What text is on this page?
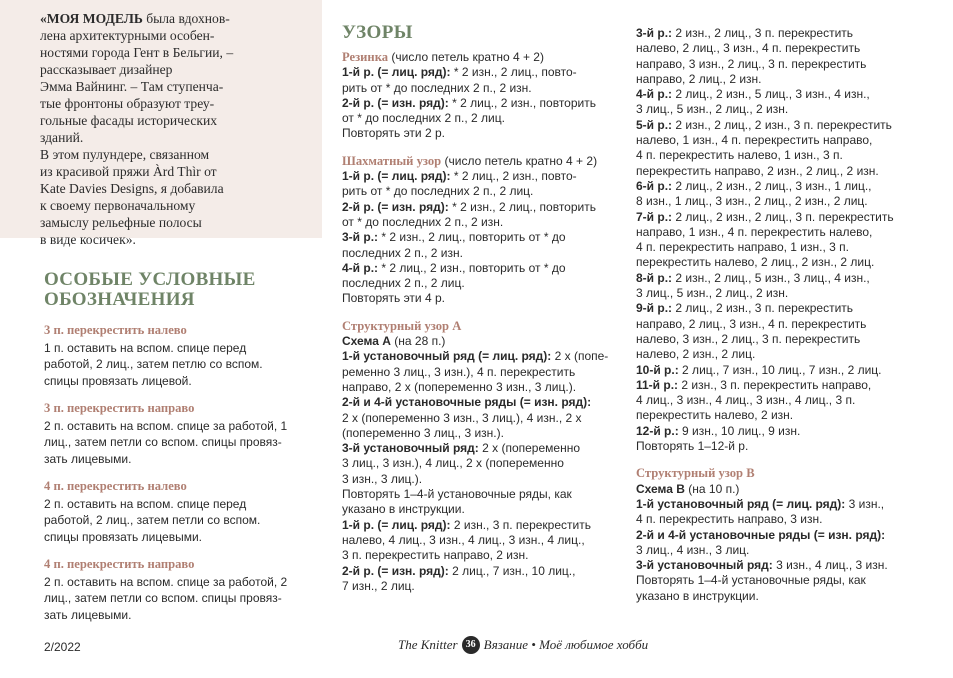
«МОЯ МОДЕЛЬ была вдохнов-
лена архитектурными особен-
ностями города Гент в Бельгии, –
рассказывает дизайнер
Эмма Вайнинг. – Там ступенча-
тые фронтоны образуют треу-
гольные фасады исторических
зданий.
В этом пулундере, связанном
из красивой пряжи Àrd Thìr от
Kate Davies Designs, я добавила
к своему первоначальному
замыслу рельефные полосы
в виде косичек».
ОСОБЫЕ УСЛОВНЫЕ
ОБОЗНАЧЕНИЯ
3 п. перекрестить налево
1 п. оставить на вспом. спице перед
работой, 2 лиц., затем петлю со вспом.
спицы провязать лицевой.
3 п. перекрестить направо
2 п. оставить на вспом. спице за работой, 1
лиц., затем петли со вспом. спицы провяз-
зать лицевыми.
4 п. перекрестить налево
2 п. оставить на вспом. спице перед
работой, 2 лиц., затем петли со вспом.
спицы провязать лицевыми.
4 п. перекрестить направо
2 п. оставить на вспом. спице за работой, 2
лиц., затем петли со вспом. спицы провяз-
зать лицевыми.
УЗОРЫ

Резинка (число петель кратно 4 + 2)

1-й р. (= лиц. ряд): * 2 изн., 2 лиц., повто-

рить от * до последних 2 п., 2 изн.

2-й р. (= изн. ряд): * 2 лиц., 2 изн., повторить

от * до последних 2 п., 2 лиц.

Повторять эти 2 р.

Шахматный узор (число петель кратно 4 + 2)

1-й р. (= лиц. ряд): * 2 лиц., 2 изн., повто-

рить от * до последних 2 п., 2 лиц.

2-й р. (= изн. ряд): * 2 изн., 2 лиц., повторить

от * до последних 2 п., 2 изн.

3-й р.: * 2 изн., 2 лиц., повторить от * до

последних 2 п., 2 изн.

4-й р.: * 2 лиц., 2 изн., повторить от * до

последних 2 п., 2 лиц.

Повторять эти 4 р.

Структурный узор А

Схема А (на 28 п.)

1-й установочный ряд (= лиц. ряд): 2 х (попе-

ременно 3 лиц., 3 изн.), 4 п. перекрестить

направо, 2 х (попеременно 3 изн., 3 лиц.).

2-й и 4-й установочные ряды (= изн. ряд):

2 х (попеременно 3 изн., 3 лиц.), 4 изн., 2 х

(попеременно 3 лиц., 3 изн.).

3-й установочный ряд: 2 х (попеременно

3 лиц., 3 изн.), 4 лиц., 2 х (попеременно

3 изн., 3 лиц.).

Повторять 1–4-й установочные ряды, как

указано в инструкции.

1-й р. (= лиц. ряд): 2 изн., 3 п. перекрестить

налево, 4 лиц., 3 изн., 4 лиц., 3 изн., 4 лиц.,

3 п. перекрестить направо, 2 изн.

2-й р. (= изн. ряд): 2 лиц., 7 изн., 10 лиц.,

7 изн., 2 лиц.

3-й р.: 2 изн., 2 лиц., 3 п. перекрестить

налево, 2 лиц., 3 изн., 4 п. перекрестить

направо, 3 изн., 2 лиц., 3 п. перекрестить

направо, 2 лиц., 2 изн.

4-й р.: 2 лиц., 2 изн., 5 лиц., 3 изн., 4 изн.,

3 лиц., 5 изн., 2 лиц., 2 изн.

5-й р.: 2 изн., 2 лиц., 2 изн., 3 п. перекрестить

налево, 1 изн., 4 п. перекрестить направо,

4 п. перекрестить налево, 1 изн., 3 п.

перекрестить направо, 2 изн., 2 лиц., 2 изн.

6-й р.: 2 лиц., 2 изн., 2 лиц., 3 изн., 1 лиц.,

8 изн., 1 лиц., 3 изн., 2 лиц., 2 изн., 2 лиц.

7-й р.: 2 лиц., 2 изн., 2 лиц., 3 п. перекрестить

направо, 1 изн., 4 п. перекрестить налево,

4 п. перекрестить направо, 1 изн., 3 п.

перекрестить налево, 2 лиц., 2 изн., 2 лиц.

8-й р.: 2 изн., 2 лиц., 5 изн., 3 лиц., 4 изн.,

3 лиц., 5 изн., 2 лиц., 2 изн.

9-й р.: 2 лиц., 2 изн., 3 п. перекрестить

направо, 2 лиц., 3 изн., 4 п. перекрестить

налево, 3 изн., 2 лиц., 3 п. перекрестить

налево, 2 изн., 2 лиц.

10-й р.: 2 лиц., 7 изн., 10 лиц., 7 изн., 2 лиц.

11-й р.: 2 изн., 3 п. перекрестить направо,

4 лиц., 3 изн., 4 лиц., 3 изн., 4 лиц., 3 п.

перекрестить налево, 2 изн.

12-й р.: 9 изн., 10 лиц., 9 изн.

Повторять 1–12-й р.

Структурный узор В

Схема В (на 10 п.)

1-й установочный ряд (= лиц. ряд): 3 изн.,

4 п. перекрестить направо, 3 изн.

2-й и 4-й установочные ряды (= изн. ряд):

3 лиц., 4 изн., 3 лиц.

3-й установочный ряд: 3 изн., 4 лиц., 3 изн.

Повторять 1–4-й установочные ряды, как

указано в инструкции.

2/2022	The Knitter 36 Вязание • Моё любимое хобби
